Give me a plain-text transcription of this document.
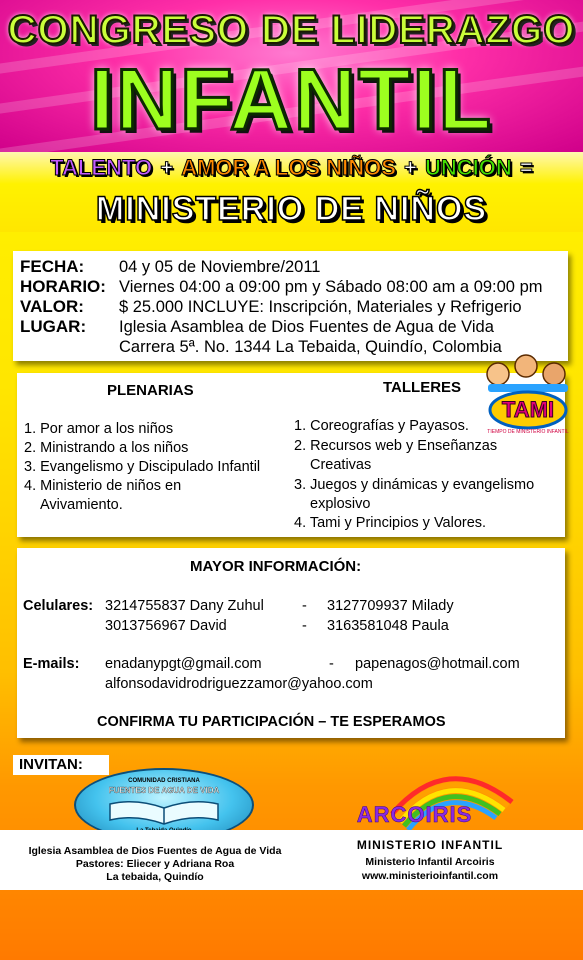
CONGRESO DE LIDERAZGO
INFANTIL
TALENTO + AMOR A LOS NIÑOS + UNCIÓN =
MINISTERIO DE NIÑOS
FECHA: 04 y 05 de Noviembre/2011
HORARIO: Viernes 04:00 a 09:00 pm y Sábado 08:00 am a 09:00 pm
VALOR: $ 25.000 INCLUYE: Inscripción, Materiales y Refrigerio
LUGAR: Iglesia Asamblea de Dios Fuentes de Agua de Vida
Carrera 5ª. No. 1344 La Tebaida, Quindío, Colombia
PLENARIAS	TALLERES
1. Por amor a los niños
2. Ministrando a los niños
3. Evangelismo y Discipulado Infantil
4. Ministerio de niños en
Avivamiento.
1. Coreografías y Payasos.
2. Recursos web y Enseñanzas
Creativas
3. Juegos y dinámicas y evangelismo
explosivo
4. Tami y Principios y Valores.
TAMI
TIEMPO DE MINISTERIO INFANTIL
MAYOR INFORMACIÓN:
Celulares: 3214755837 Dany Zuhul	- 3127709937 Milady
3013756967 David	- 3163581048 Paula
E-mails: enadanypgt@gmail.com	- papenagos@hotmail.com
alfonsodavidrodriguezzamor@yahoo.com
CONFIRMA TU PARTICIPACIÓN – TE ESPERAMOS
INVITAN:
COMUNIDAD CRISTIANA
FUENTES DE AGUA DE VIDA
ARCOIRIS
Iglesia Asamblea de Dios Fuentes de Agua de Vida
Pastores: Eliecer y Adriana Roa
La tebaida, Quindío
MINISTERIO INFANTIL
Ministerio Infantil Arcoiris
www.ministerioinfantil.com
